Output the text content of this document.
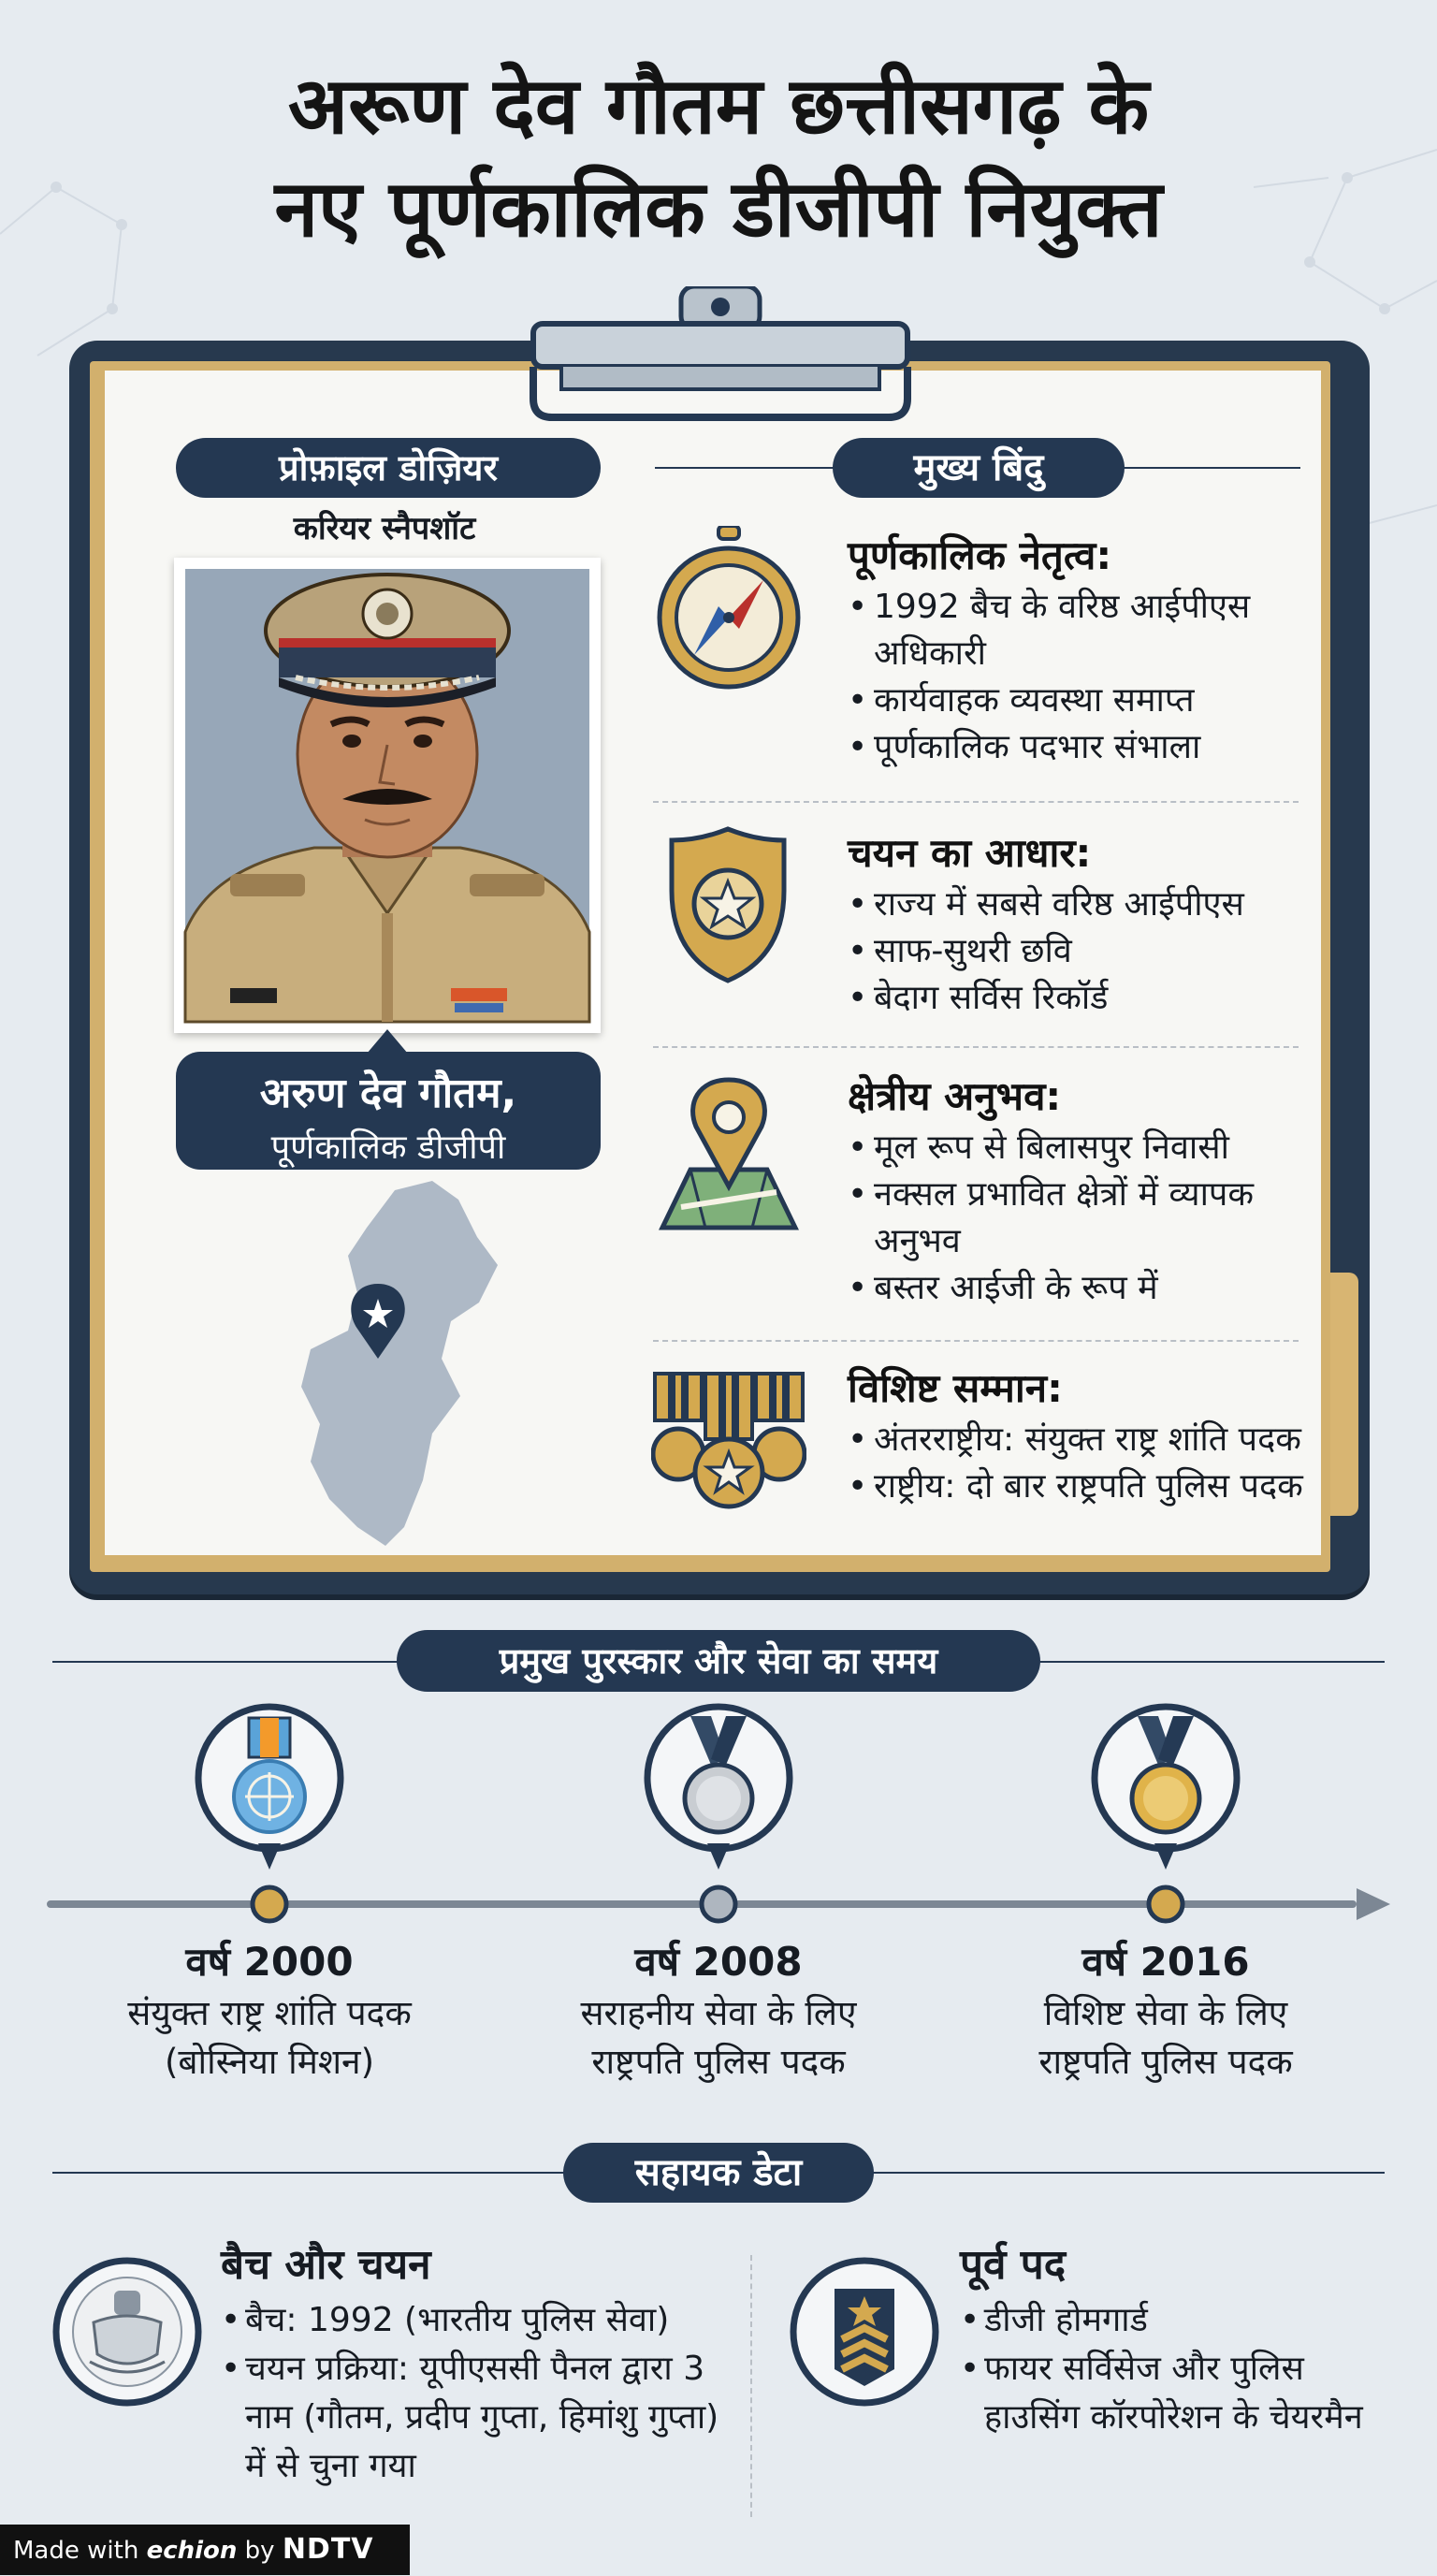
अरूण देव गौतम छत्तीसगढ़ के
नए पूर्णकालिक डीजीपी नियुक्त
प्रोफ़ाइल डोज़ियर
करियर स्नैपशॉट
अरुण देव गौतम,
पूर्णकालिक डीजीपी
मुख्य बिंदु
पूर्णकालिक नेतृत्व:
• 1992 बैच के वरिष्ठ आईपीएस अधिकारी
• कार्यवाहक व्यवस्था समाप्त
• पूर्णकालिक पदभार संभाला
चयन का आधार:
• राज्य में सबसे वरिष्ठ आईपीएस
• साफ-सुथरी छवि
• बेदाग सर्विस रिकॉर्ड
क्षेत्रीय अनुभव:
• मूल रूप से बिलासपुर निवासी
• नक्सल प्रभावित क्षेत्रों में व्यापक अनुभव
• बस्तर आईजी के रूप में
विशिष्ट सम्मान:
• अंतरराष्ट्रीय: संयुक्त राष्ट्र शांति पदक
• राष्ट्रीय: दो बार राष्ट्रपति पुलिस पदक
प्रमुख पुरस्कार और सेवा का समय
वर्ष 2000
संयुक्त राष्ट्र शांति पदक
(बोस्निया मिशन)
वर्ष 2008
सराहनीय सेवा के लिए
राष्ट्रपति पुलिस पदक
वर्ष 2016
विशिष्ट सेवा के लिए
राष्ट्रपति पुलिस पदक
सहायक डेटा
बैच और चयन
• बैच: 1992 (भारतीय पुलिस सेवा)
• चयन प्रक्रिया: यूपीएससी पैनल द्वारा 3 नाम (गौतम, प्रदीप गुप्ता, हिमांशु गुप्ता) में से चुना गया
पूर्व पद
• डीजी होमगार्ड
• फायर सर्विसेज और पुलिस हाउसिंग कॉरपोरेशन के चेयरमैन
Made with echion by NDTV
